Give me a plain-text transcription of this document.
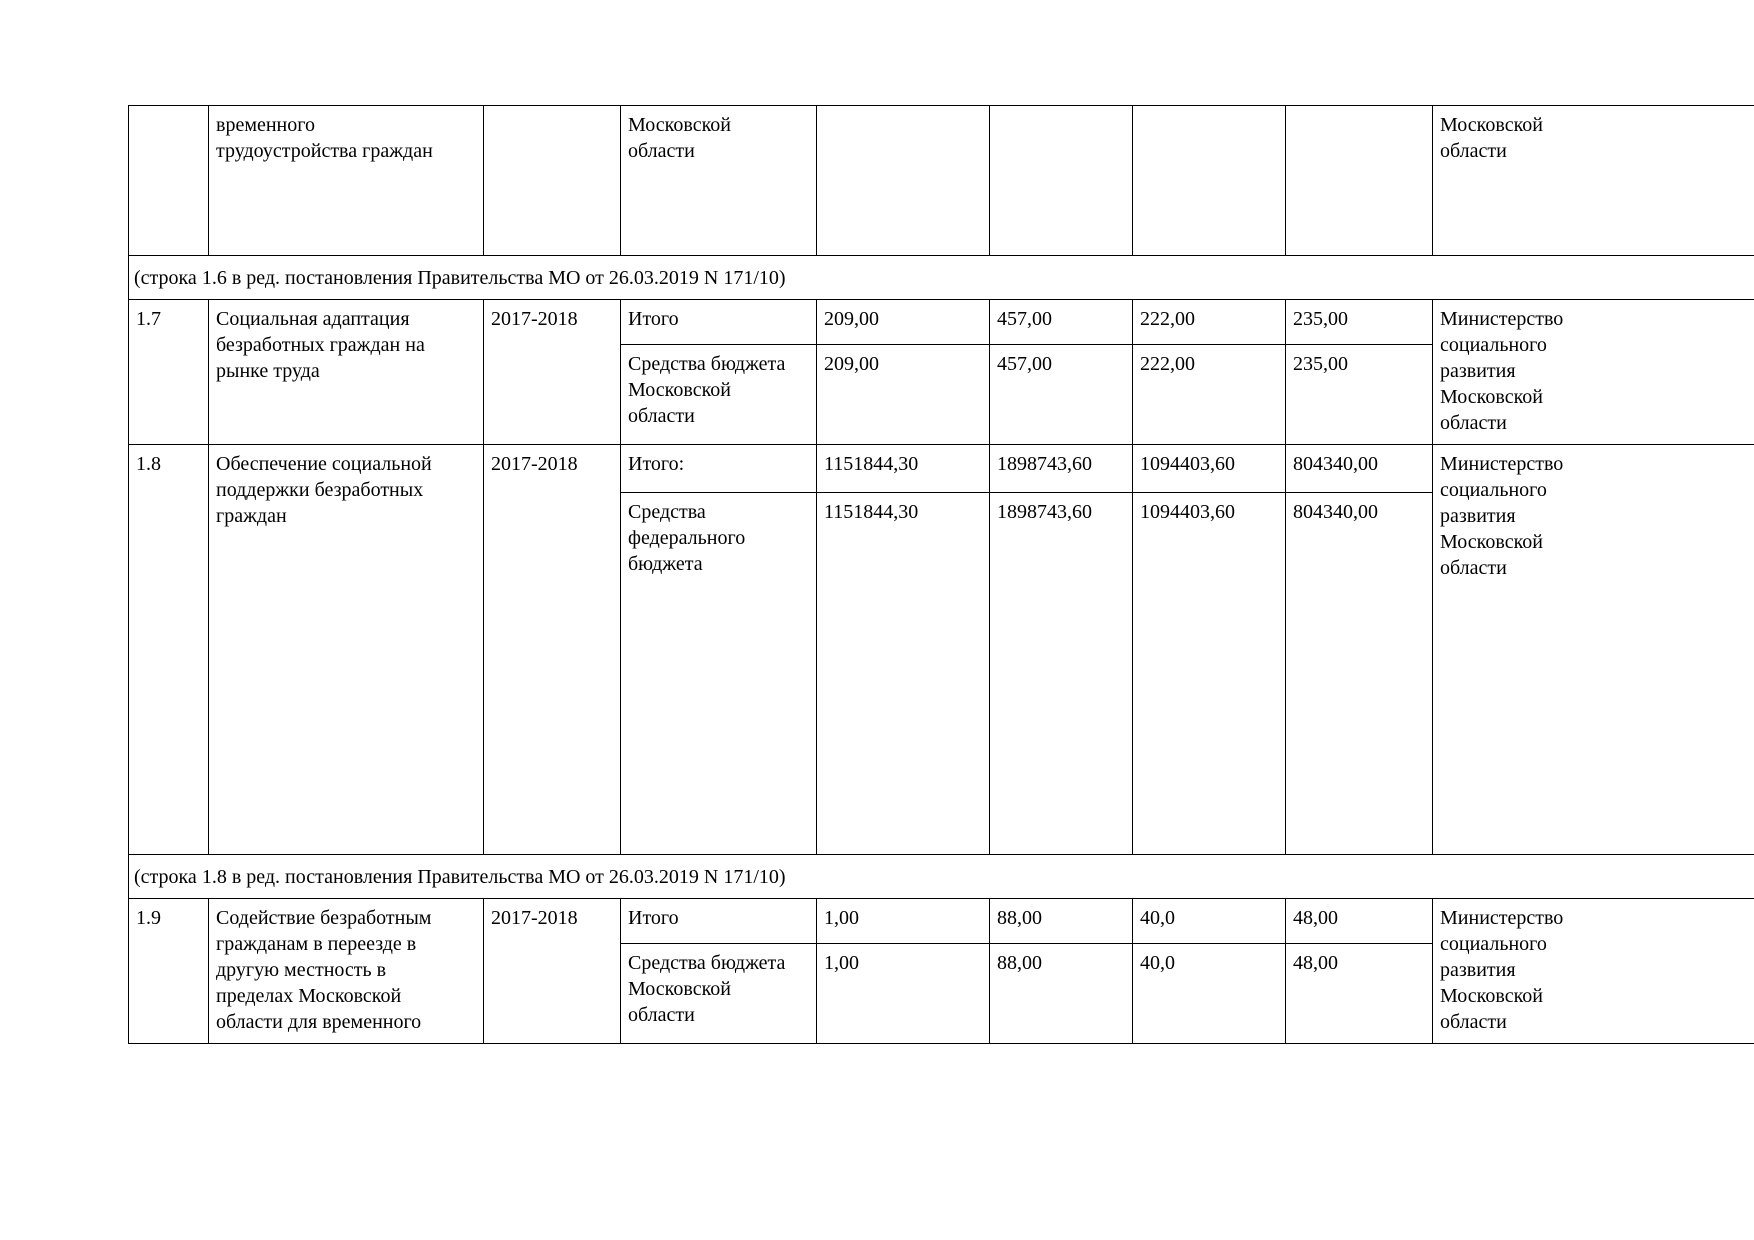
	временного трудоустройства граждан		Московской области					Московской области

(строка 1.6 в ред. постановления Правительства МО от 26.03.2019 N 171/10)								
1.7	Социальная адаптация безработных граждан на рынке труда	2017-2018	Итого	209,00	457,00	222,00	235,00	Министерство социального развития Московской области

			Средства бюджета Московской области	209,00	457,00	222,00	235,00	
1.8	Обеспечение социальной поддержки безработных граждан	2017-2018	Итого:	1151844,30	1898743,60	1094403,60	804340,00	Министерство социального развития Московской области

			Средства федерального бюджета	1151844,30	1898743,60	1094403,60	804340,00	
(строка 1.8 в ред. постановления Правительства МО от 26.03.2019 N 171/10)								
1.9	Содействие безработным гражданам в переезде в другую местность в пределах Московской области для временного	2017-2018	Итого	1,00	88,00	40,0	48,00	Министерство социального развития Московской области

			Средства бюджета Московской области	1,00	88,00	40,0	48,00	
